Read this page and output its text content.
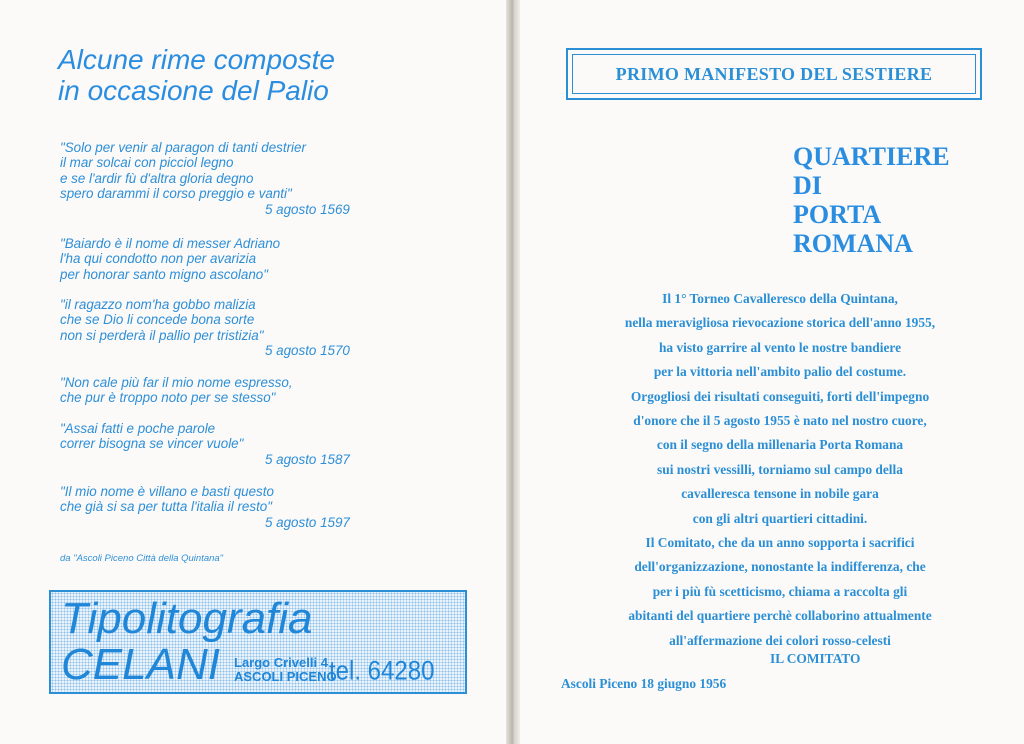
Alcune rime composte
in occasione del Palio
"Solo per venir al paragon di tanti destrier
il mar solcai con picciol legno
e se l'ardir fù d'altra gloria degno
spero darammi il corso preggio e vanti"
5 agosto 1569
"Baiardo è il nome di messer Adriano
l'ha qui condotto non per avarizia
per honorar santo migno ascolano"
"il ragazzo nom'ha gobbo malizia
che se Dio li concede bona sorte
non si perderà il pallio per tristizia"
5 agosto 1570
"Non cale più far il mio nome espresso,
che pur è troppo noto per se stesso"
"Assai fatti e poche parole
correr bisogna se vincer vuole"
5 agosto 1587
"Il mio nome è villano e basti questo
che già si sa per tutta l'italia il resto"
5 agosto 1597
da "Ascoli Piceno Città della Quintana"
Tipolitografia
CELANI Largo Crivelli 4
ASCOLI PICENO
tel. 64280
PRIMO MANIFESTO DEL SESTIERE
QUARTIERE
DI
PORTA
ROMANA
Il 1° Torneo Cavalleresco della Quintana,
nella meravigliosa rievocazione storica dell'anno 1955,
ha visto garrire al vento le nostre bandiere
per la vittoria nell'ambito palio del costume.
Orgogliosi dei risultati conseguiti, forti dell'impegno
d'onore che il 5 agosto 1955 è nato nel nostro cuore,
con il segno della millenaria Porta Romana
sui nostri vessilli, torniamo sul campo della
cavalleresca tensone in nobile gara
con gli altri quartieri cittadini.
Il Comitato, che da un anno sopporta i sacrifici
dell'organizzazione, nonostante la indifferenza, che
per i più fù scetticismo, chiama a raccolta gli
abitanti del quartiere perchè collaborino attualmente
all'affermazione dei colori rosso-celesti
IL COMITATO
Ascoli Piceno 18 giugno 1956
